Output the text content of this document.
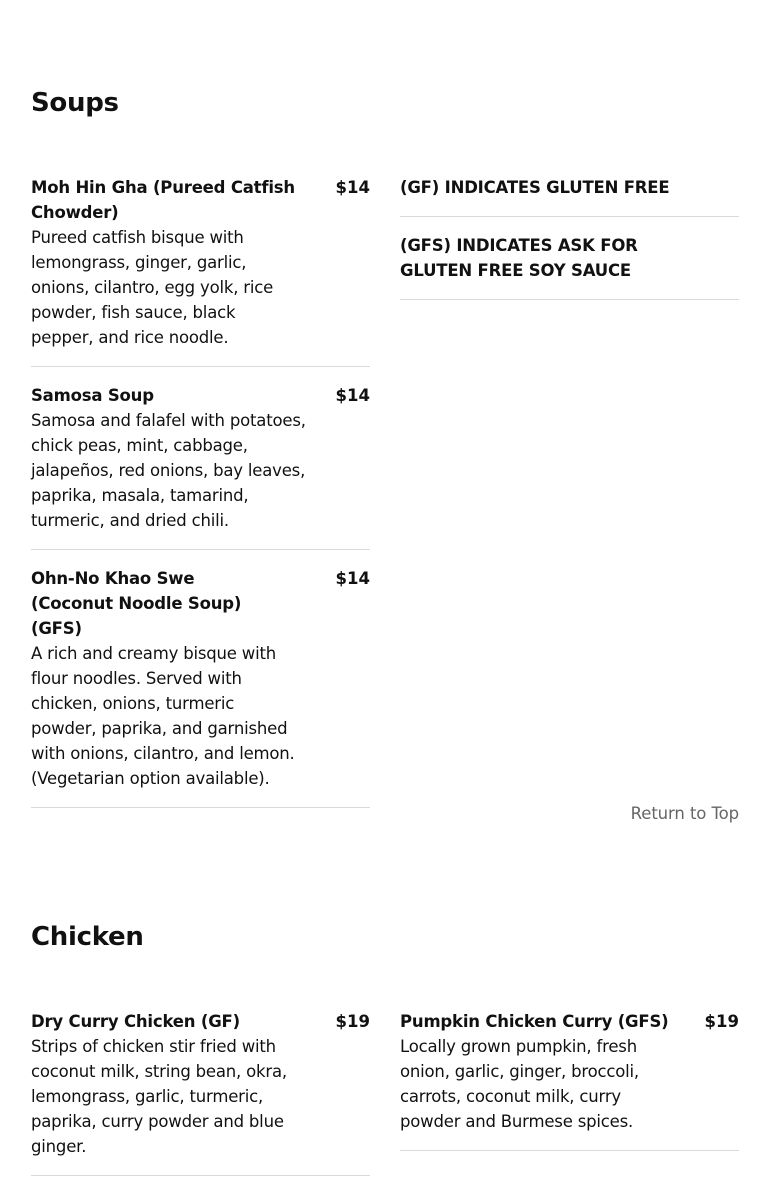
Soups
Moh Hin Gha (Pureed Catfish Chowder)
$14
Pureed catfish bisque with lemongrass, ginger, garlic, onions, cilantro, egg yolk, rice powder, fish sauce, black pepper, and rice noodle.
Samosa Soup	$14
Samosa and falafel with potatoes, chick peas, mint, cabbage, jalapeños, red onions, bay leaves, paprika, masala, tamarind, turmeric, and dried chili.
Ohn-No Khao Swe (Coconut Noodle Soup) (GFS)
$14
A rich and creamy bisque with flour noodles. Served with chicken, onions, turmeric powder, paprika, and garnished with onions, cilantro, and lemon. (Vegetarian option available).
(GF) INDICATES GLUTEN FREE
(GFS) INDICATES ASK FOR GLUTEN FREE SOY SAUCE
Return to Top
Chicken
Dry Curry Chicken (GF)	$19
Strips of chicken stir fried with coconut milk, string bean, okra, lemongrass, garlic, turmeric, paprika, curry powder and blue ginger.
Pumpkin Chicken Curry (GFS)	$19
Locally grown pumpkin, fresh onion, garlic, ginger, broccoli, carrots, coconut milk, curry powder and Burmese spices.
